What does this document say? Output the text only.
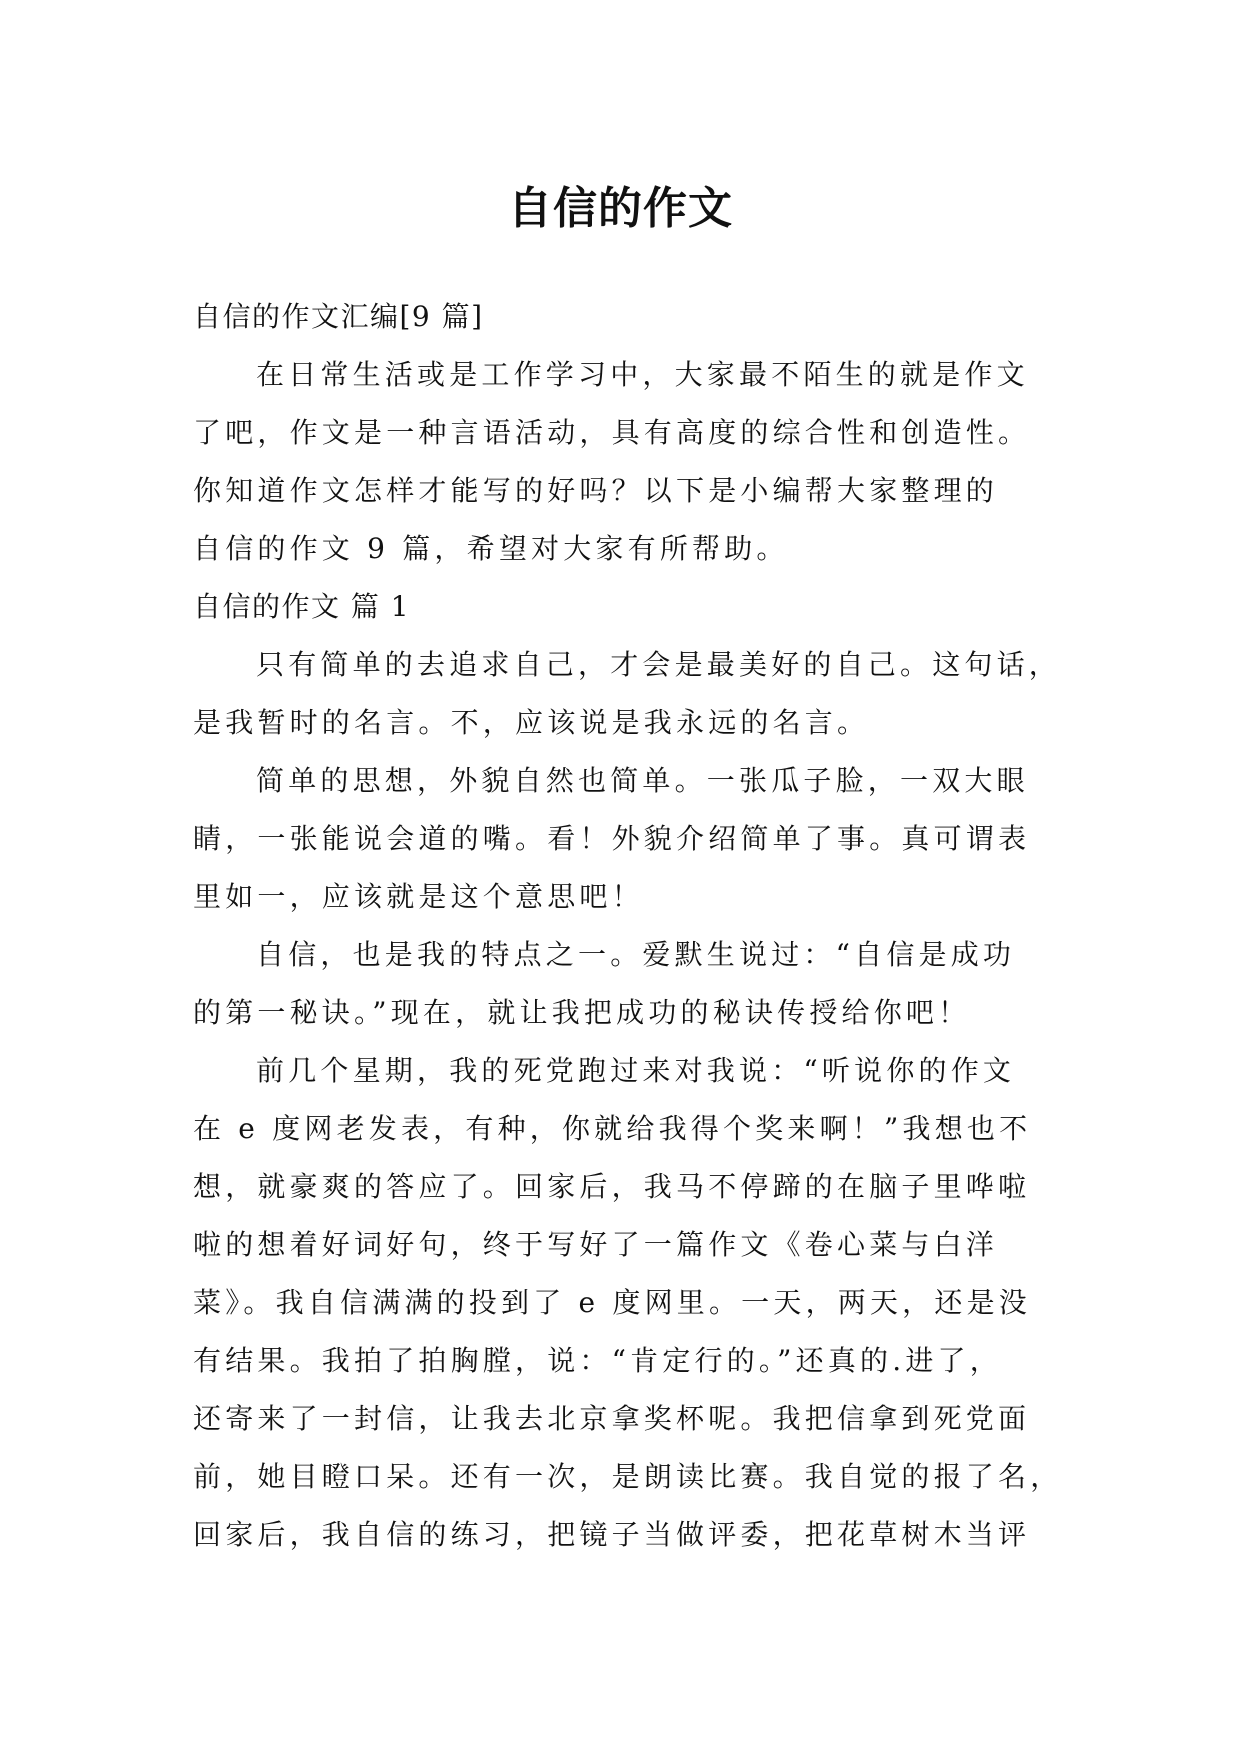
自信的作文
自信的作文汇编[9 篇]
在日常生活或是工作学习中，大家最不陌生的就是作文
了吧，作文是一种言语活动，具有高度的综合性和创造性。
你知道作文怎样才能写的好吗？以下是小编帮大家整理的
自信的作文 9 篇，希望对大家有所帮助。
自信的作文 篇 1
只有简单的去追求自己，才会是最美好的自己。这句话，
是我暂时的名言。不，应该说是我永远的名言。
简单的思想，外貌自然也简单。一张瓜子脸，一双大眼
睛，一张能说会道的嘴。看！外貌介绍简单了事。真可谓表
里如一，应该就是这个意思吧！
自信，也是我的特点之一。爱默生说过：“自信是成功
的第一秘诀。”现在，就让我把成功的秘诀传授给你吧！
前几个星期，我的死党跑过来对我说：“听说你的作文
在 e 度网老发表，有种，你就给我得个奖来啊！”我想也不
想，就豪爽的答应了。回家后，我马不停蹄的在脑子里哗啦
啦的想着好词好句，终于写好了一篇作文《卷心菜与白洋
菜》。我自信满满的投到了 e 度网里。一天，两天，还是没
有结果。我拍了拍胸膛，说：“肯定行的。”还真的.进了，
还寄来了一封信，让我去北京拿奖杯呢。我把信拿到死党面
前，她目瞪口呆。还有一次，是朗读比赛。我自觉的报了名，
回家后，我自信的练习，把镜子当做评委，把花草树木当评
